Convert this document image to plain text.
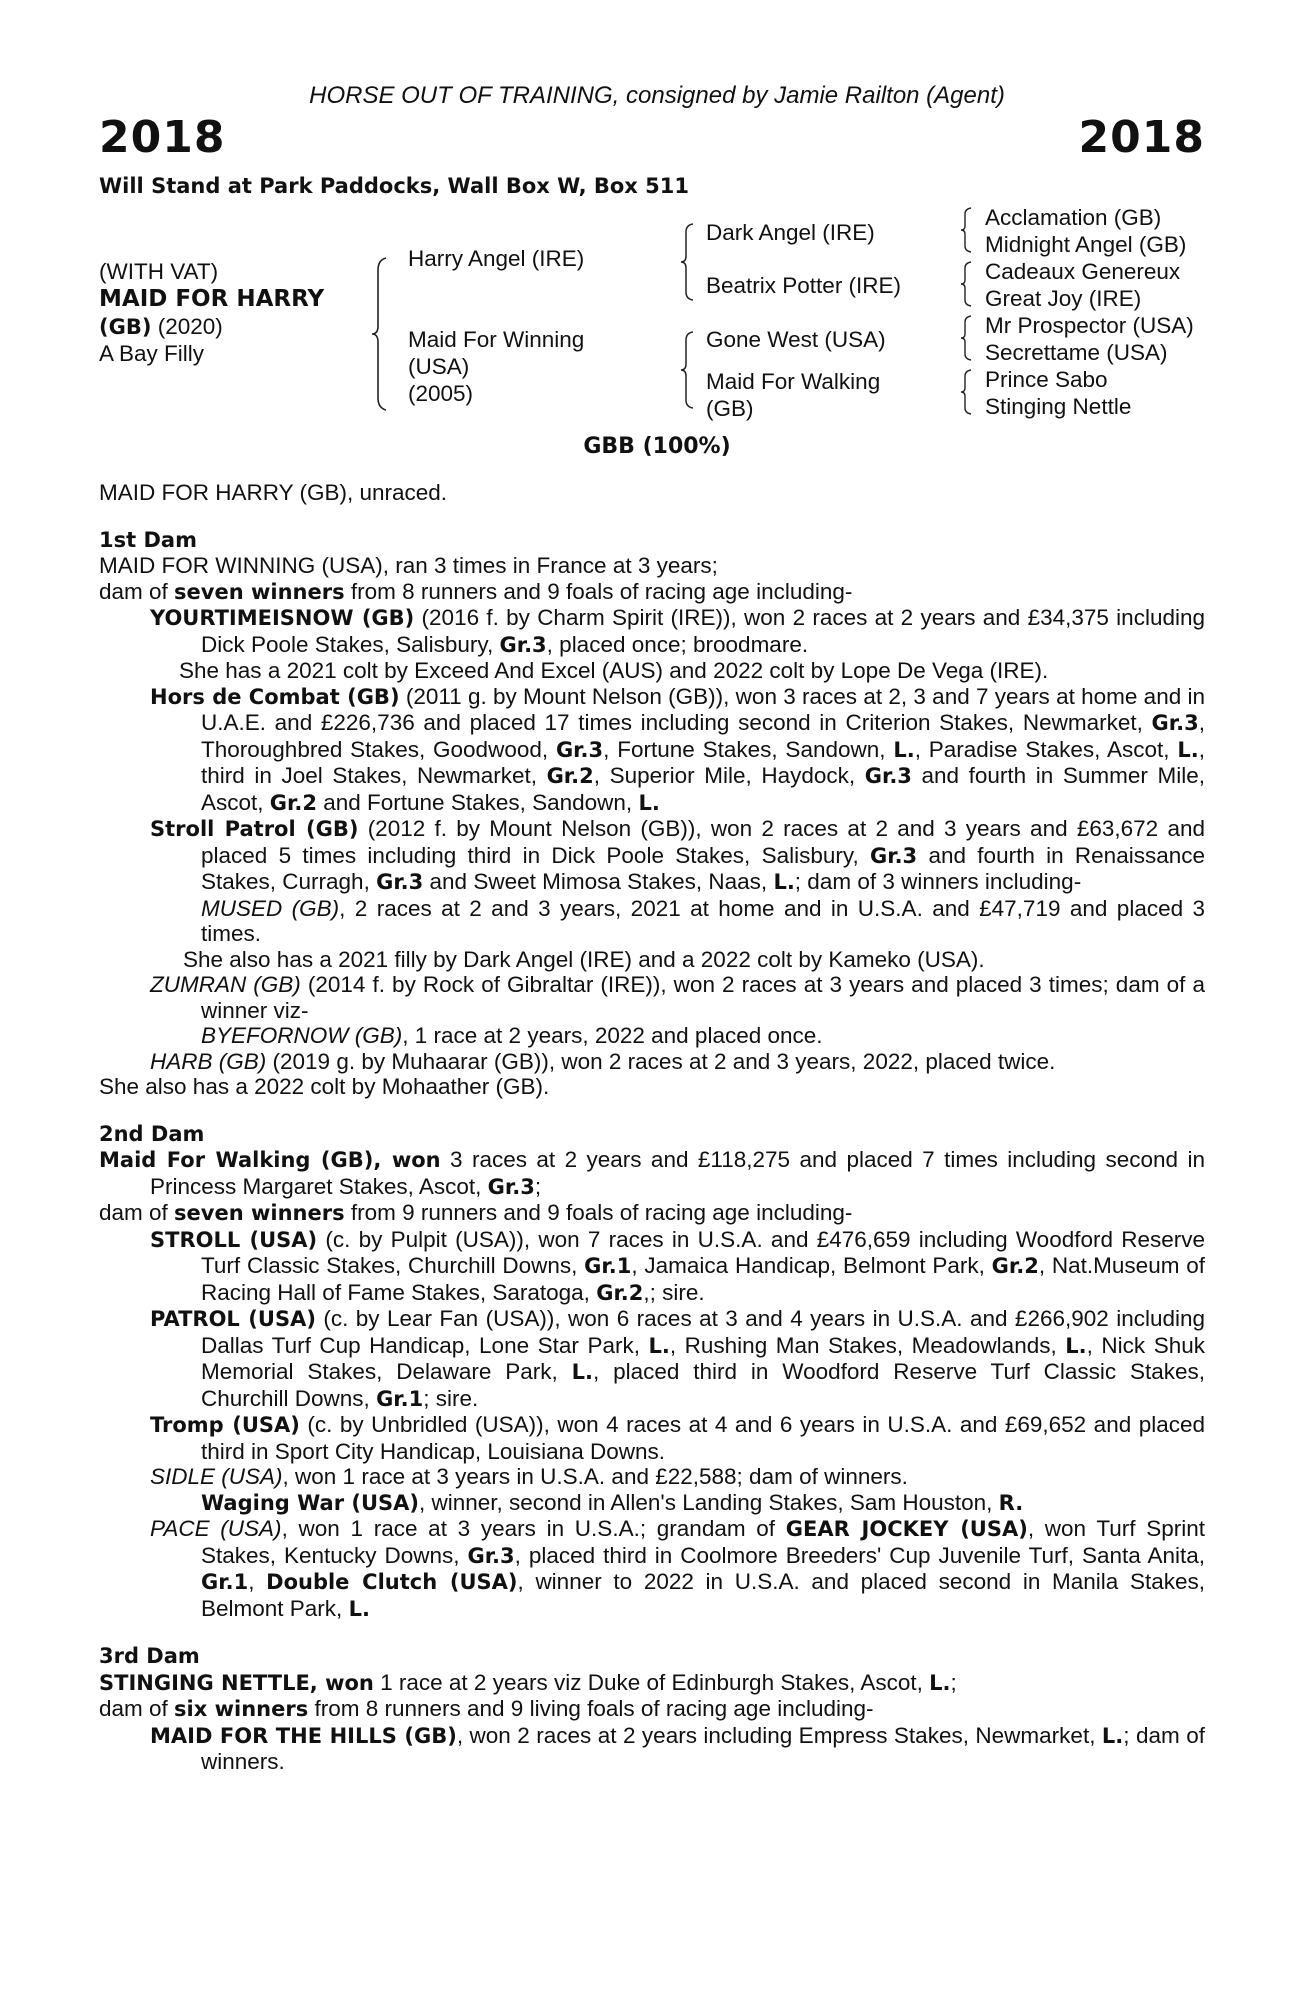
HORSE OUT OF TRAINING, consigned by Jamie Railton (Agent)
2018	2018
Will Stand at Park Paddocks, Wall Box W, Box 511
(WITH VAT)
MAID FOR HARRY
(GB) (2020)
A Bay Filly
Harry Angel (IRE)
Maid For Winning
(USA)
(2005)
Dark Angel (IRE)
Beatrix Potter (IRE)
Gone West (USA)
Maid For Walking
(GB)
Acclamation (GB)
Midnight Angel (GB)
Cadeaux Genereux
Great Joy (IRE)
Mr Prospector (USA)
Secrettame (USA)
Prince Sabo
Stinging Nettle
GBB (100%)

MAID FOR HARRY (GB), unraced.

1st Dam

MAID FOR WINNING (USA), ran 3 times in France at 3 years;

dam of seven winners from 8 runners and 9 foals of racing age including-

YOURTIMEISNOW (GB) (2016 f. by Charm Spirit (IRE)), won 2 races at 2 years and £34,375 including Dick Poole Stakes, Salisbury, Gr.3, placed once; broodmare.

She has a 2021 colt by Exceed And Excel (AUS) and 2022 colt by Lope De Vega (IRE).

Hors de Combat (GB) (2011 g. by Mount Nelson (GB)), won 3 races at 2, 3 and 7 years at home and in U.A.E. and £226,736 and placed 17 times including second in Criterion Stakes, Newmarket, Gr.3, Thoroughbred Stakes, Goodwood, Gr.3, Fortune Stakes, Sandown, L., Paradise Stakes, Ascot, L., third in Joel Stakes, Newmarket, Gr.2, Superior Mile, Haydock, Gr.3 and fourth in Summer Mile, Ascot, Gr.2 and Fortune Stakes, Sandown, L.

Stroll Patrol (GB) (2012 f. by Mount Nelson (GB)), won 2 races at 2 and 3 years and £63,672 and placed 5 times including third in Dick Poole Stakes, Salisbury, Gr.3 and fourth in Renaissance Stakes, Curragh, Gr.3 and Sweet Mimosa Stakes, Naas, L.; dam of 3 winners including-

MUSED (GB), 2 races at 2 and 3 years, 2021 at home and in U.S.A. and £47,719 and placed 3 times.

She also has a 2021 filly by Dark Angel (IRE) and a 2022 colt by Kameko (USA).

ZUMRAN (GB) (2014 f. by Rock of Gibraltar (IRE)), won 2 races at 3 years and placed 3 times; dam of a winner viz-

BYEFORNOW (GB), 1 race at 2 years, 2022 and placed once.

HARB (GB) (2019 g. by Muhaarar (GB)), won 2 races at 2 and 3 years, 2022, placed twice.

She also has a 2022 colt by Mohaather (GB).

2nd Dam

Maid For Walking (GB), won 3 races at 2 years and £118,275 and placed 7 times including second in Princess Margaret Stakes, Ascot, Gr.3;

dam of seven winners from 9 runners and 9 foals of racing age including-

STROLL (USA) (c. by Pulpit (USA)), won 7 races in U.S.A. and £476,659 including Woodford Reserve Turf Classic Stakes, Churchill Downs, Gr.1, Jamaica Handicap, Belmont Park, Gr.2, Nat.Museum of Racing Hall of Fame Stakes, Saratoga, Gr.2,; sire.

PATROL (USA) (c. by Lear Fan (USA)), won 6 races at 3 and 4 years in U.S.A. and £266,902 including Dallas Turf Cup Handicap, Lone Star Park, L., Rushing Man Stakes, Meadowlands, L., Nick Shuk Memorial Stakes, Delaware Park, L., placed third in Woodford Reserve Turf Classic Stakes, Churchill Downs, Gr.1; sire.

Tromp (USA) (c. by Unbridled (USA)), won 4 races at 4 and 6 years in U.S.A. and £69,652 and placed third in Sport City Handicap, Louisiana Downs.

SIDLE (USA), won 1 race at 3 years in U.S.A. and £22,588; dam of winners.

Waging War (USA), winner, second in Allen's Landing Stakes, Sam Houston, R.

PACE (USA), won 1 race at 3 years in U.S.A.; grandam of GEAR JOCKEY (USA), won Turf Sprint Stakes, Kentucky Downs, Gr.3, placed third in Coolmore Breeders' Cup Juvenile Turf, Santa Anita, Gr.1, Double Clutch (USA), winner to 2022 in U.S.A. and placed second in Manila Stakes, Belmont Park, L.

3rd Dam

STINGING NETTLE, won 1 race at 2 years viz Duke of Edinburgh Stakes, Ascot, L.;

dam of six winners from 8 runners and 9 living foals of racing age including-

MAID FOR THE HILLS (GB), won 2 races at 2 years including Empress Stakes, Newmarket, L.; dam of winners.
